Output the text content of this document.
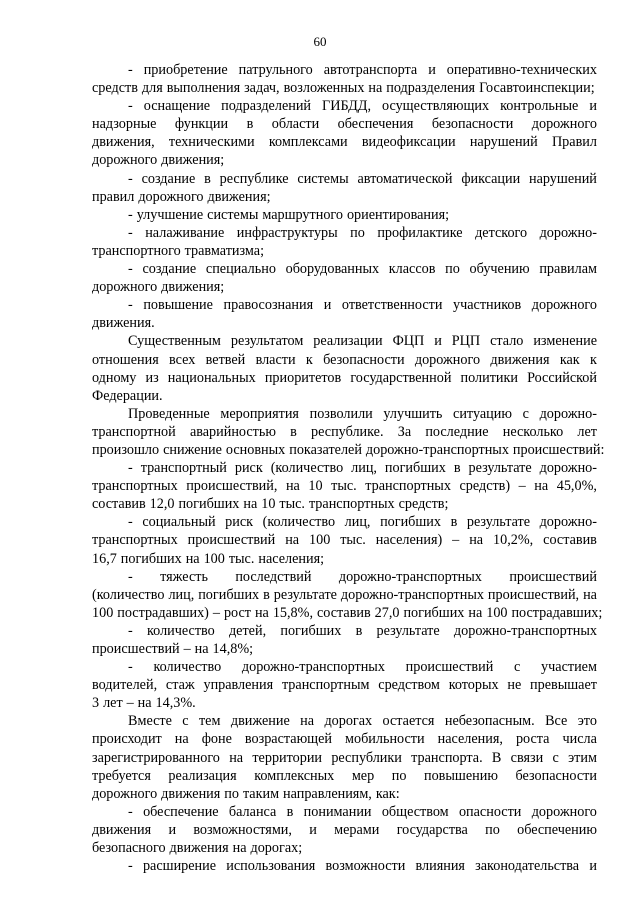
60
- приобретение патрульного автотранспорта и оперативно-технических
средств для выполнения задач, возложенных на подразделения Госавтоинспекции;
- оснащение подразделений ГИБДД, осуществляющих контрольные и
надзорные функции в области обеспечения безопасности дорожного
движения, техническими комплексами видеофиксации нарушений Правил
дорожного движения;
- создание в республике системы автоматической фиксации нарушений
правил дорожного движения;
- улучшение системы маршрутного ориентирования;
- налаживание инфраструктуры по профилактике детского дорожно-
транспортного травматизма;
- создание специально оборудованных классов по обучению правилам
дорожного движения;
- повышение правосознания и ответственности участников дорожного
движения.
Существенным результатом реализации ФЦП и РЦП стало изменение
отношения всех ветвей власти к безопасности дорожного движения как к
одному из национальных приоритетов государственной политики Российской
Федерации.
Проведенные мероприятия позволили улучшить ситуацию с дорожно-
транспортной аварийностью в республике. За последние несколько лет
произошло снижение основных показателей дорожно-транспортных происшествий:
- транспортный риск (количество лиц, погибших в результате дорожно-
транспортных происшествий, на 10 тыс. транспортных средств) – на 45,0%,
составив 12,0 погибших на 10 тыс. транспортных средств;
- социальный риск (количество лиц, погибших в результате дорожно-
транспортных происшествий на 100 тыс. населения) – на 10,2%, составив
16,7 погибших на 100 тыс. населения;
- тяжесть последствий дорожно-транспортных происшествий
(количество лиц, погибших в результате дорожно-транспортных происшествий, на
100 пострадавших) – рост на 15,8%, составив 27,0 погибших на 100 пострадавших;
- количество детей, погибших в результате дорожно-транспортных
происшествий – на 14,8%;
- количество дорожно-транспортных происшествий с участием
водителей, стаж управления транспортным средством которых не превышает
3 лет – на 14,3%.
Вместе с тем движение на дорогах остается небезопасным. Все это
происходит на фоне возрастающей мобильности населения, роста числа
зарегистрированного на территории республики транспорта. В связи с этим
требуется реализация комплексных мер по повышению безопасности
дорожного движения по таким направлениям, как:
- обеспечение баланса в понимании обществом опасности дорожного
движения и возможностями, и мерами государства по обеспечению
безопасного движения на дорогах;
- расширение использования возможности влияния законодательства и
